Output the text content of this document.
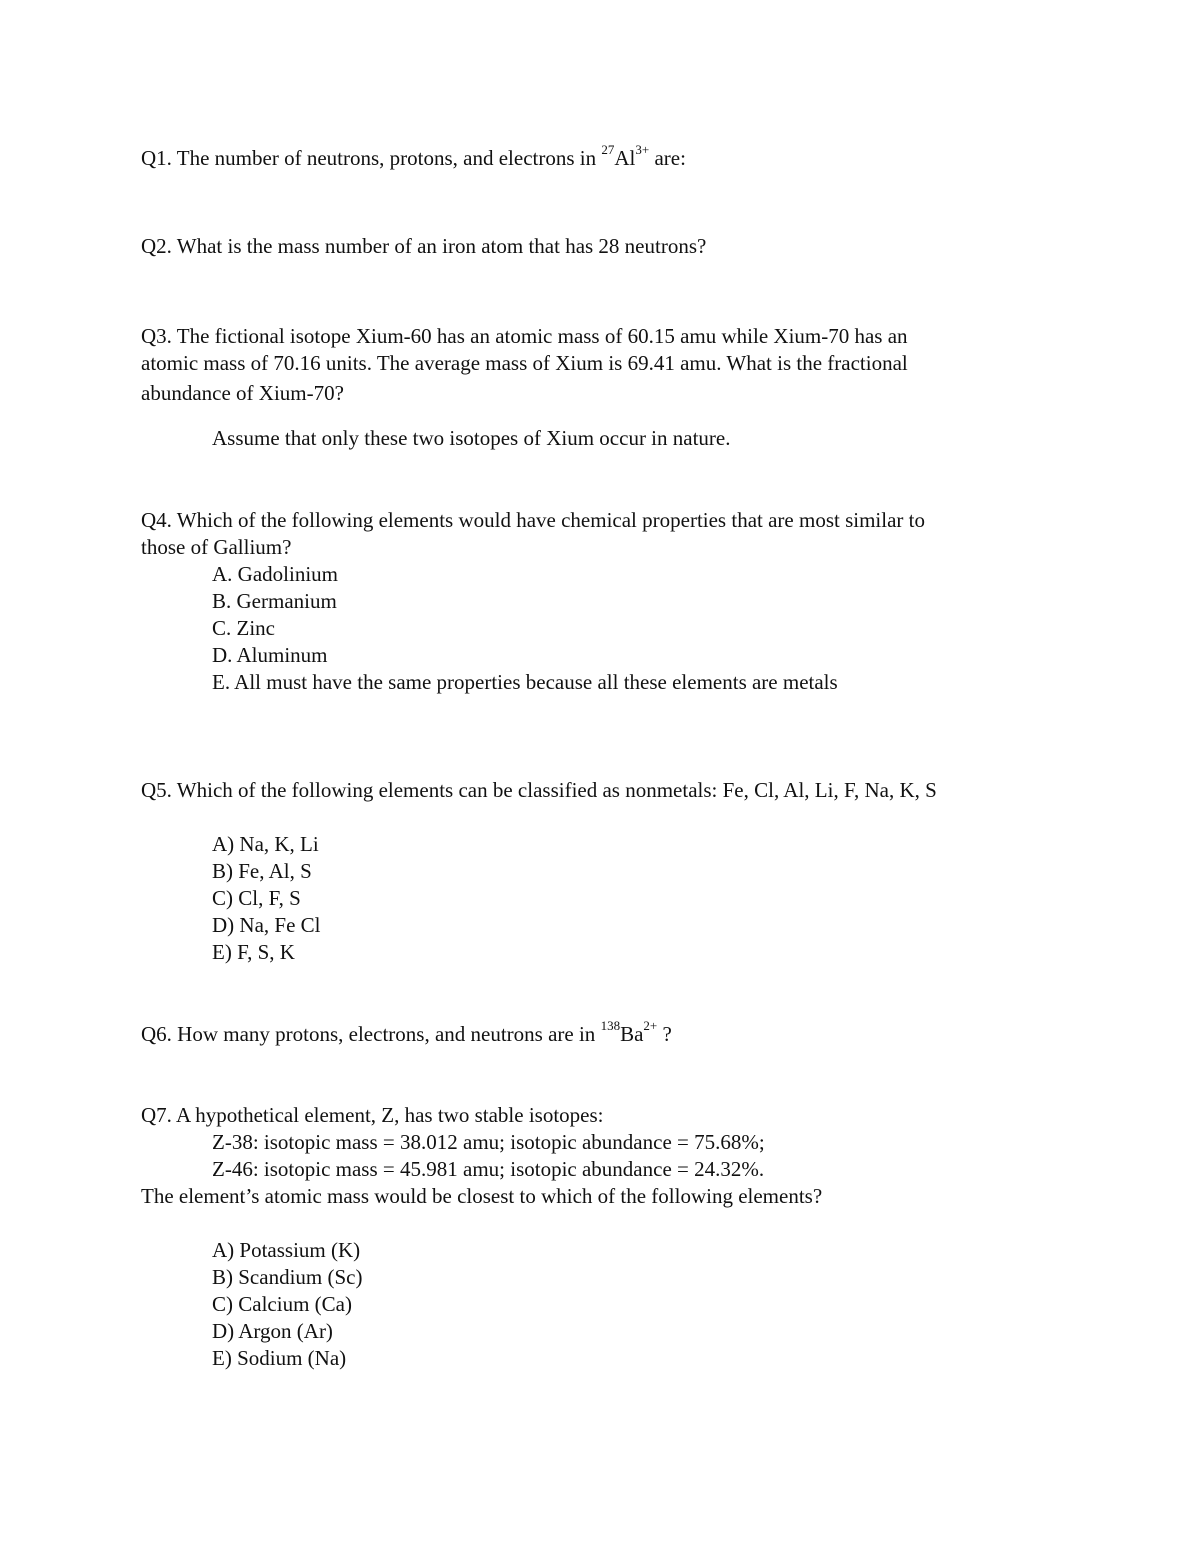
Q1. The number of neutrons, protons, and electrons in $^{27}Al^{3+}$ are:
Q2. What is the mass number of an iron atom that has 28 neutrons?
Q3. The fictional isotope Xium-60 has an atomic mass of 60.15 amu while Xium-70 has an
atomic mass of 70.16 units. The average mass of Xium is 69.41 amu. What is the fractional
abundance of Xium-70?
Assume that only these two isotopes of Xium occur in nature.
Q4. Which of the following elements would have chemical properties that are most similar to
those of Gallium?
A. Gadolinium
B. Germanium
C. Zinc
D. Aluminum
E. All must have the same properties because all these elements are metals
Q5. Which of the following elements can be classified as nonmetals: Fe, Cl, Al, Li, F, Na, K, S
A) Na, K, Li
B) Fe, Al, S
C) Cl, F, S
D) Na, Fe Cl
E) F, S, K
Q6. How many protons, electrons, and neutrons are in $^{138}Ba^{2+}$ ?
Q7. A hypothetical element, Z, has two stable isotopes:
Z-38: isotopic mass = 38.012 amu; isotopic abundance = 75.68%;
Z-46: isotopic mass = 45.981 amu; isotopic abundance = 24.32%.
The element’s atomic mass would be closest to which of the following elements?
A) Potassium (K)
B) Scandium (Sc)
C) Calcium (Ca)
D) Argon (Ar)
E) Sodium (Na)
